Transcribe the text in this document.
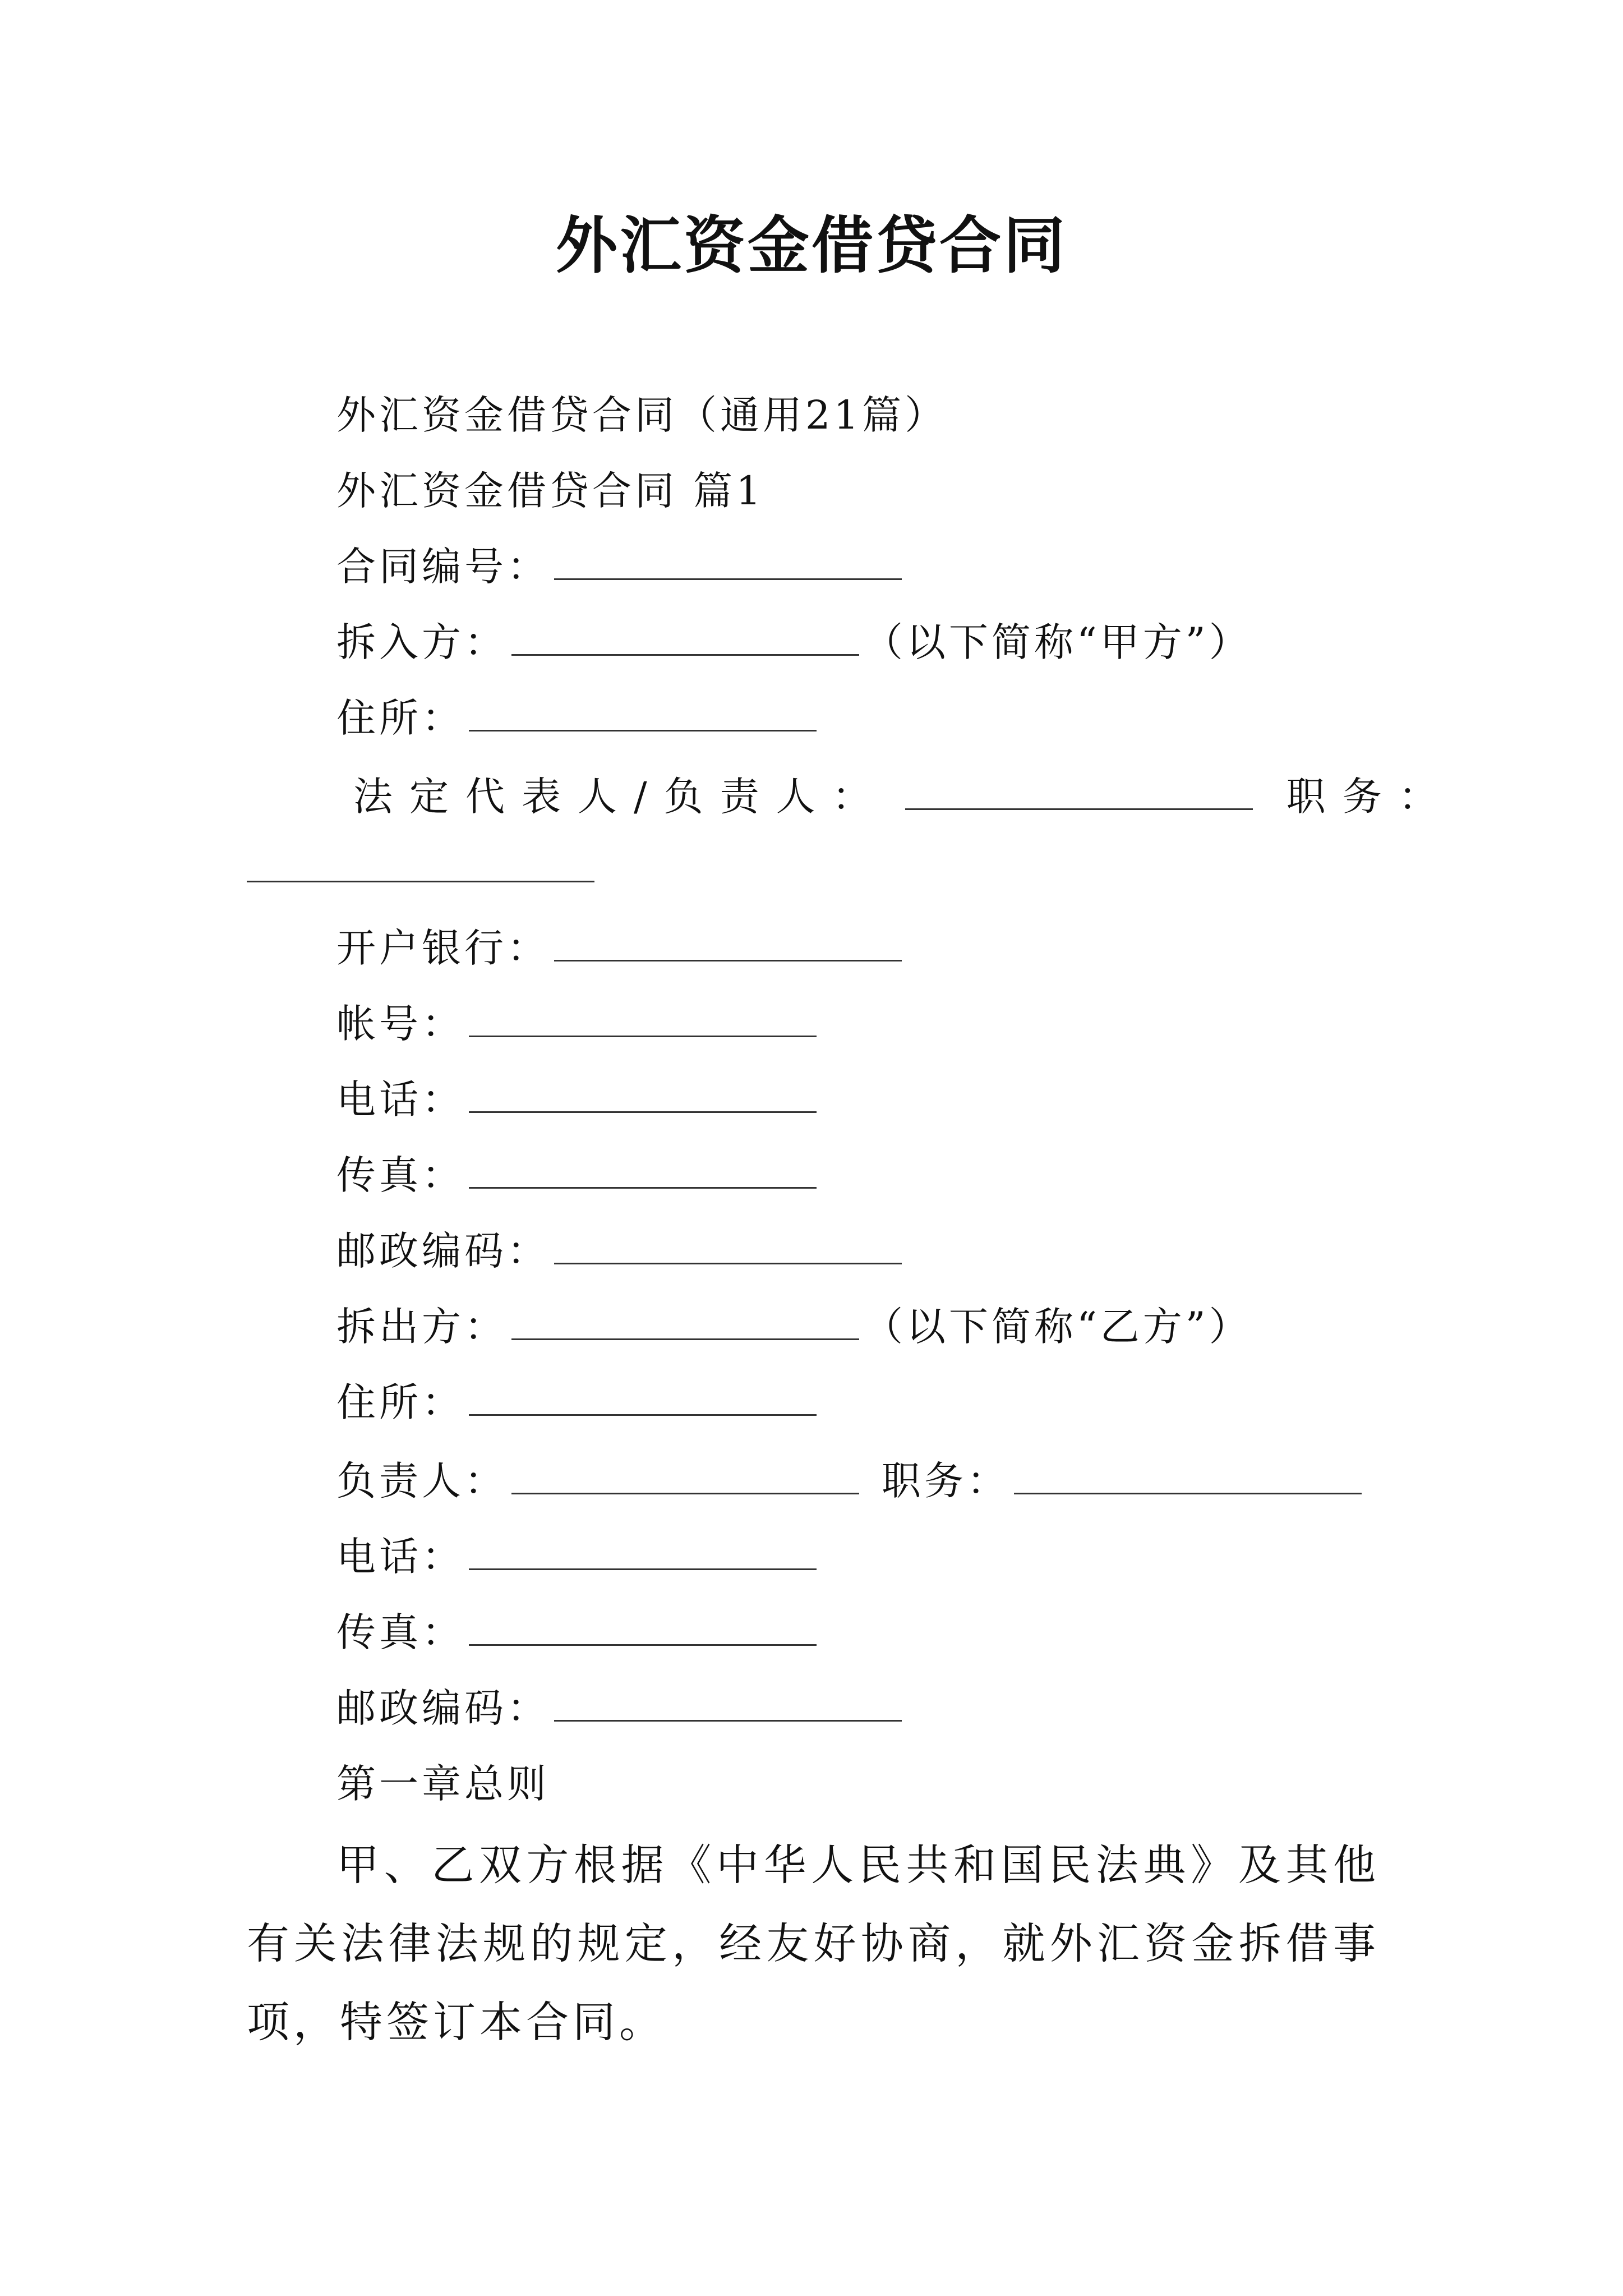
外汇资金借贷合同
外汇资金借贷合同（通用21篇）
外汇资金借贷合同 篇1
合同编号：
拆入方：	（以下简称“甲方”）
住所：
法定代表人/负责人：	职务：
开户银行：
帐号：
电话：
传真：
邮政编码：
拆出方：	（以下简称“乙方”）
住所：
负责人：	职务：
电话：
传真：
邮政编码：
第一章总则
甲、乙双方根据《中华人民共和国民法典》及其他有关法律法规的规定，经友好协商，就外汇资金拆借事项，特签订本合同。
